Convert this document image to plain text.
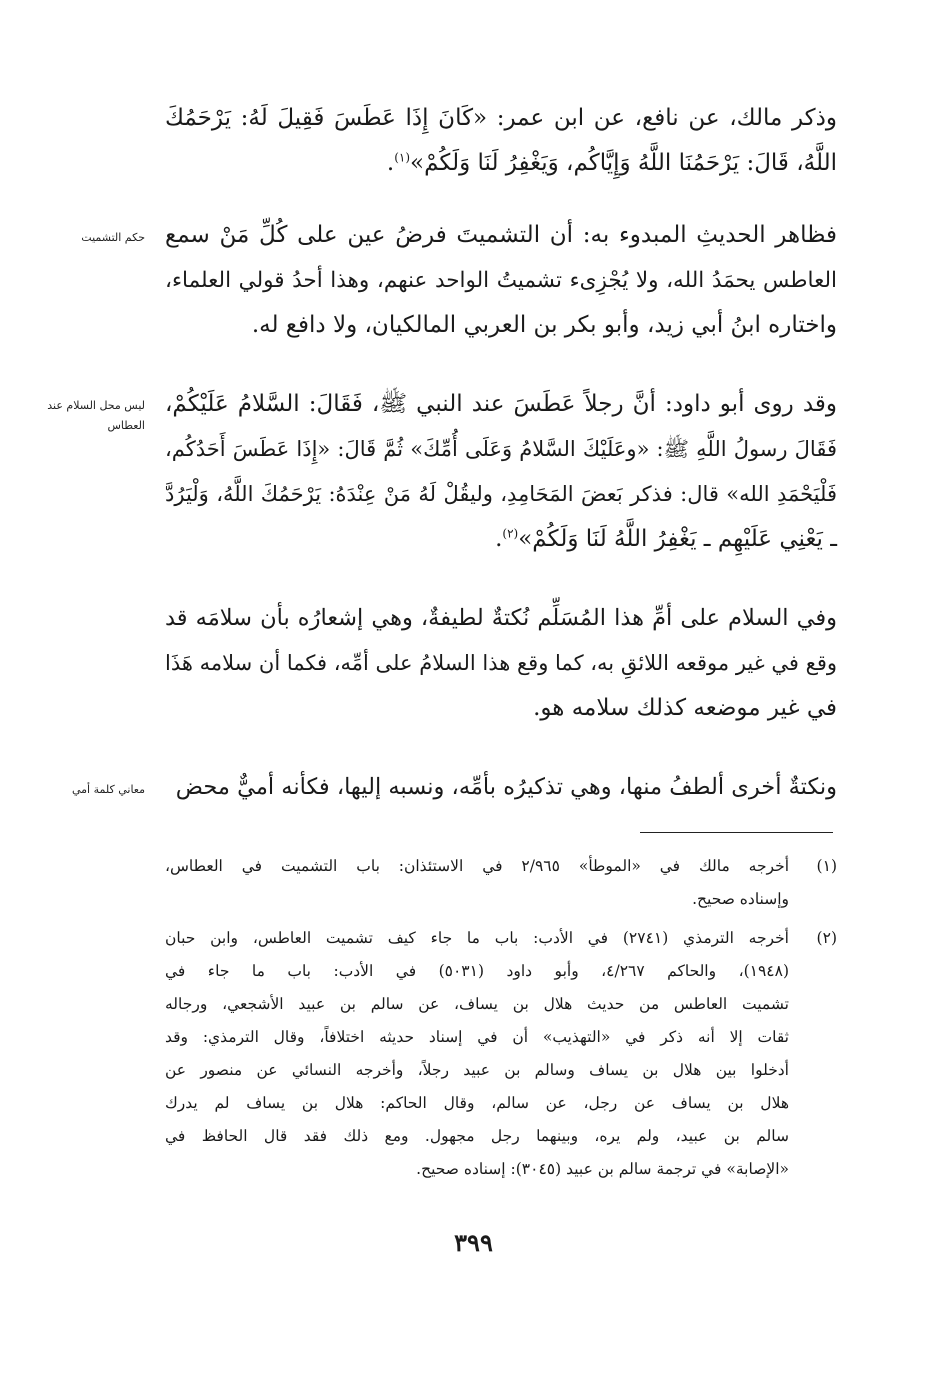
وذكر مالك، عن نافع، عن ابن عمر: «كَانَ إِذَا عَطَسَ فَقِيلَ لَهُ: يَرْحَمُكَ
اللَّهُ، قَالَ: يَرْحَمُنَا اللَّهُ وَإِيَّاكُم، وَيَغْفِرُ لَنَا وَلَكُمْ»$^{(١)}$.
فظاهر الحديثِ المبدوء به: أن التشميتَ فرضُ عين على كُلِّ مَنْ سمع
العاطس يحمَدُ الله، ولا يُجْزِىء تشميتُ الواحد عنهم، وهذا أحدُ قولي العلماء،
واختاره ابنُ أبي زيد، وأبو بكر بن العربي المالكيان، ولا دافع له.
حكم التشميت
وقد روى أبو داود: أنَّ رجلاً عَطَسَ عند النبي ﷺ، فَقَالَ: السَّلامُ عَلَيْكُمْ،
فَقَالَ رسولُ اللَّهِ ﷺ: «وعَلَيْكَ السَّلامُ وَعَلَى أُمِّكَ» ثُمَّ قَالَ: «إِذَا عَطَسَ أَحَدُكُم،
فَلْيَحْمَدِ الله» قال: فذكر بَعضَ المَحَامِدِ، وليقُلْ لَهُ مَنْ عِنْدَهُ: يَرْحَمُكَ اللَّهُ، وَلْيَرُدَّ
ـ يَعْنِي عَلَيْهِم ـ يَغْفِرُ اللَّهُ لَنَا وَلَكُمْ»$^{(٢)}$.
ليس محل السلام عند
العطاس
وفي السلام على أمِّ هذا المُسَلِّم نُكتةٌ لطيفةٌ، وهي إشعارُه بأن سلامَه قد
وقع في غير موقعه اللائقِ به، كما وقع هذا السلامُ على أمِّه، فكما أن سلامه هَذَا
في غير موضعه كذلك سلامه هو.
ونكتةٌ أخرى ألطفُ منها، وهي تذكيرُه بأمِّه، ونسبه إليها، فكأنه أميٌّ محض
معاني كلمة أمي
(١)
أخرجه مالك في «الموطأ» ٢/٩٦٥ في الاستئذان: باب التشميت في العطاس،
وإسناده صحيح.
(٢)
أخرجه الترمذي (٢٧٤١) في الأدب: باب ما جاء كيف تشميت العاطس، وابن حبان
(١٩٤٨)، والحاكم ٤/٢٦٧، وأبو داود (٥٠٣١) في الأدب: باب ما جاء في
تشميت العاطس من حديث هلال بن يساف، عن سالم بن عبيد الأشجعي، ورجاله
ثقات إلا أنه ذكر في «التهذيب» أن في إسناد حديثه اختلافاً، وقال الترمذي: وقد
أدخلوا بين هلال بن يساف وسالم بن عبيد رجلاً، وأخرجه النسائي عن منصور عن
هلال بن يساف عن رجل، عن سالم، وقال الحاكم: هلال بن يساف لم يدرك
سالم بن عبيد، ولم يره، وبينهما رجل مجهول. ومع ذلك فقد قال الحافظ في
«الإصابة» في ترجمة سالم بن عبيد (٣٠٤٥): إسناده صحيح.
٣٩٩
